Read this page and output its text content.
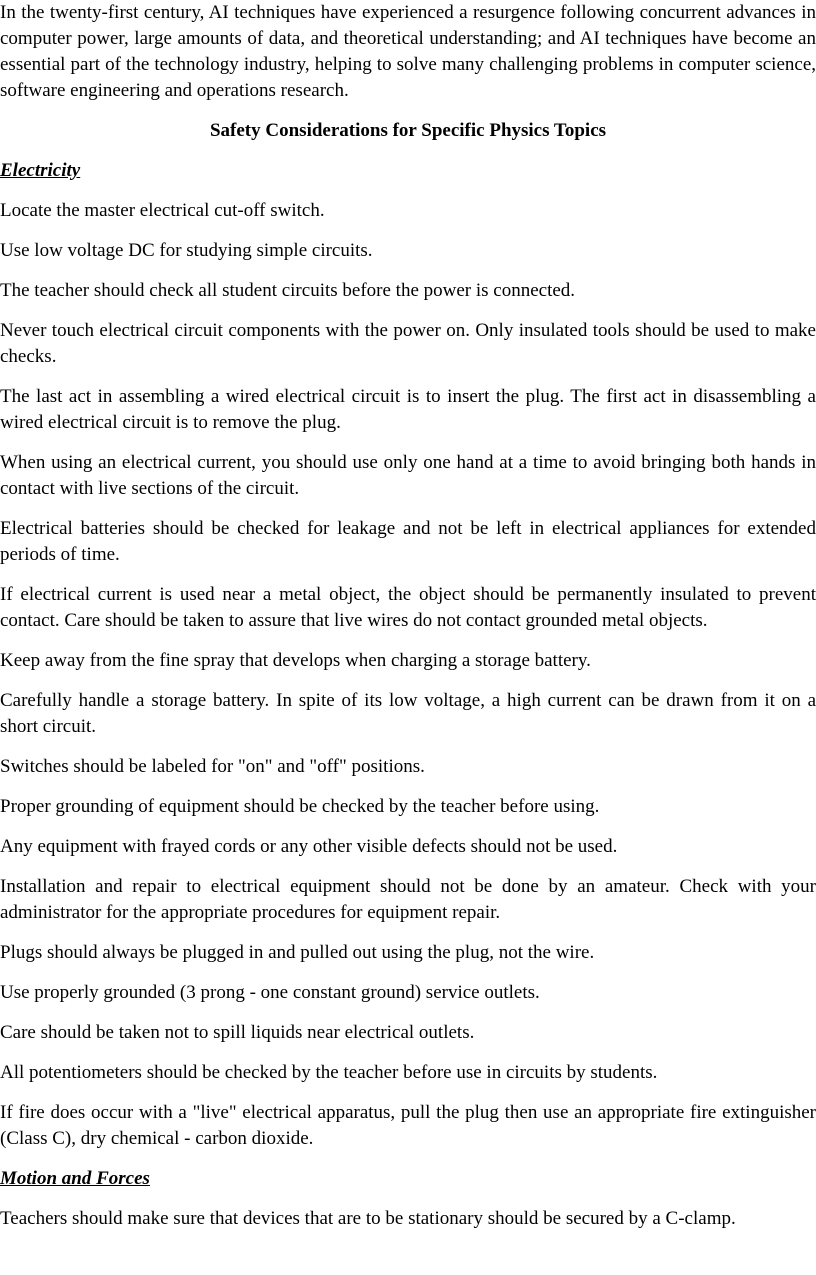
In the twenty-first century, AI techniques have experienced a resurgence following concurrent advances in computer power, large amounts of data, and theoretical understanding; and AI techniques have become an essential part of the technology industry, helping to solve many challenging problems in computer science, software engineering and operations research.

Safety Considerations for Specific Physics Topics
Electricity

Locate the master electrical cut-off switch.

Use low voltage DC for studying simple circuits.

The teacher should check all student circuits before the power is connected.

Never touch electrical circuit components with the power on. Only insulated tools should be used to make checks.

The last act in assembling a wired electrical circuit is to insert the plug. The first act in disassembling a wired electrical circuit is to remove the plug.

When using an electrical current, you should use only one hand at a time to avoid bringing both hands in contact with live sections of the circuit.

Electrical batteries should be checked for leakage and not be left in electrical appliances for extended periods of time.

If electrical current is used near a metal object, the object should be permanently insulated to prevent contact. Care should be taken to assure that live wires do not contact grounded metal objects.

Keep away from the fine spray that develops when charging a storage battery.

Carefully handle a storage battery. In spite of its low voltage, a high current can be drawn from it on a short circuit.

Switches should be labeled for "on" and "off" positions.

Proper grounding of equipment should be checked by the teacher before using.

Any equipment with frayed cords or any other visible defects should not be used.

Installation and repair to electrical equipment should not be done by an amateur. Check with your administrator for the appropriate procedures for equipment repair.

Plugs should always be plugged in and pulled out using the plug, not the wire.

Use properly grounded (3 prong - one constant ground) service outlets.

Care should be taken not to spill liquids near electrical outlets.

All potentiometers should be checked by the teacher before use in circuits by students.

If fire does occur with a "live" electrical apparatus, pull the plug then use an appropriate fire extinguisher (Class C), dry chemical - carbon dioxide.

Motion and Forces

Teachers should make sure that devices that are to be stationary should be secured by a C-clamp.
